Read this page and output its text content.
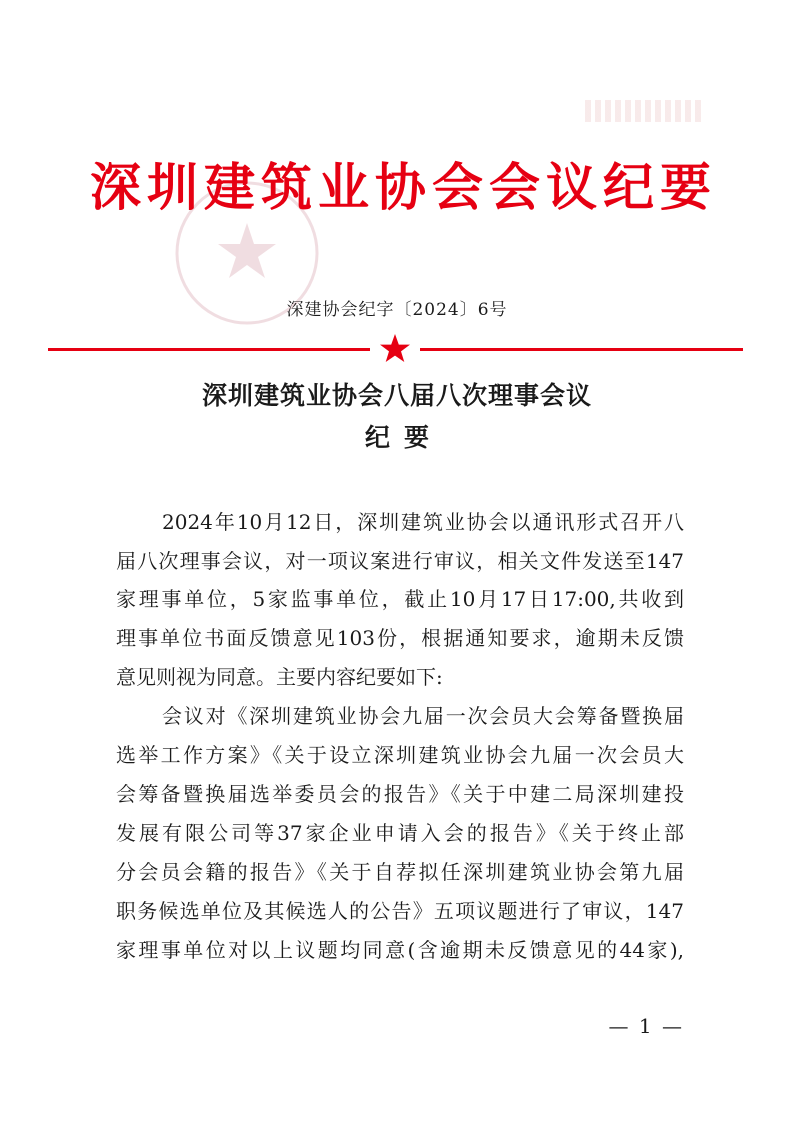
深圳建筑业协会会议纪要
深建协会纪字〔2024〕6号
深圳建筑业协会八届八次理事会议
纪要
2024年10月12日，深圳建筑业协会以通讯形式召开八
届八次理事会议，对一项议案进行审议，相关文件发送至147
家理事单位，5家监事单位，截止10月17日17:00,共收到
理事单位书面反馈意见103份，根据通知要求，逾期未反馈
意见则视为同意。主要内容纪要如下:
会议对《深圳建筑业协会九届一次会员大会筹备暨换届
选举工作方案》《关于设立深圳建筑业协会九届一次会员大
会筹备暨换届选举委员会的报告》《关于中建二局深圳建投
发展有限公司等37家企业申请入会的报告》《关于终止部
分会员会籍的报告》《关于自荐拟任深圳建筑业协会第九届
职务候选单位及其候选人的公告》五项议题进行了审议，147
家理事单位对以上议题均同意(含逾期未反馈意见的44家),
— 1 —
